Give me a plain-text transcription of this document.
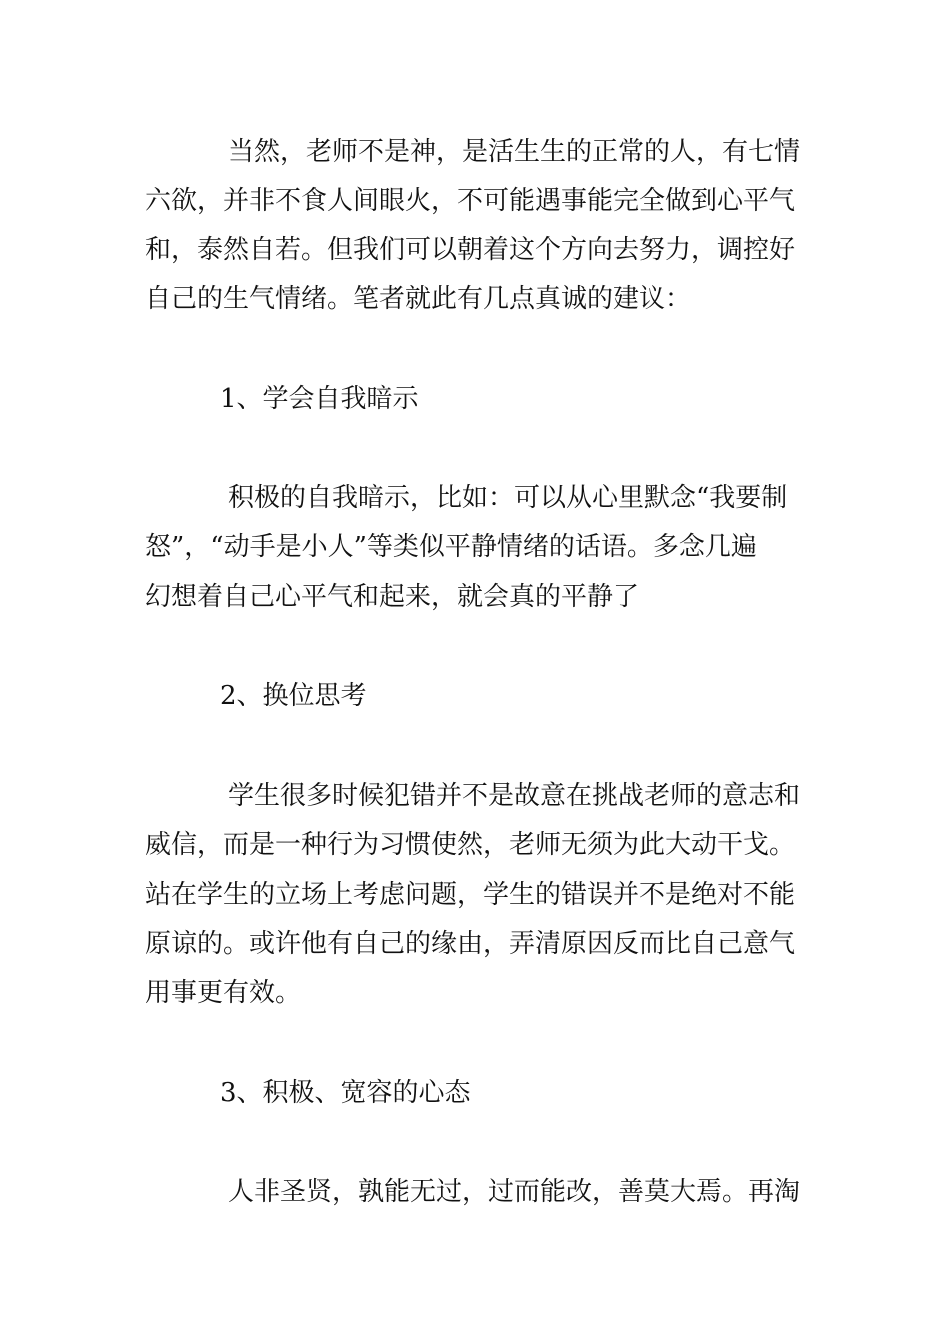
当然，老师不是神，是活生生的正常的人，有七情
六欲，并非不食人间眼火，不可能遇事能完全做到心平气
和，泰然自若。但我们可以朝着这个方向去努力，调控好
自己的生气情绪。笔者就此有几点真诚的建议：
1、学会自我暗示
积极的自我暗示，比如：可以从心里默念“我要制
怒”，“动手是小人”等类似平静情绪的话语。多念几遍
幻想着自己心平气和起来，就会真的平静了
2、换位思考
学生很多时候犯错并不是故意在挑战老师的意志和
威信，而是一种行为习惯使然，老师无须为此大动干戈。
站在学生的立场上考虑问题，学生的错误并不是绝对不能
原谅的。或许他有自己的缘由，弄清原因反而比自己意气
用事更有效。
3、积极、宽容的心态
人非圣贤，孰能无过，过而能改，善莫大焉。再淘
